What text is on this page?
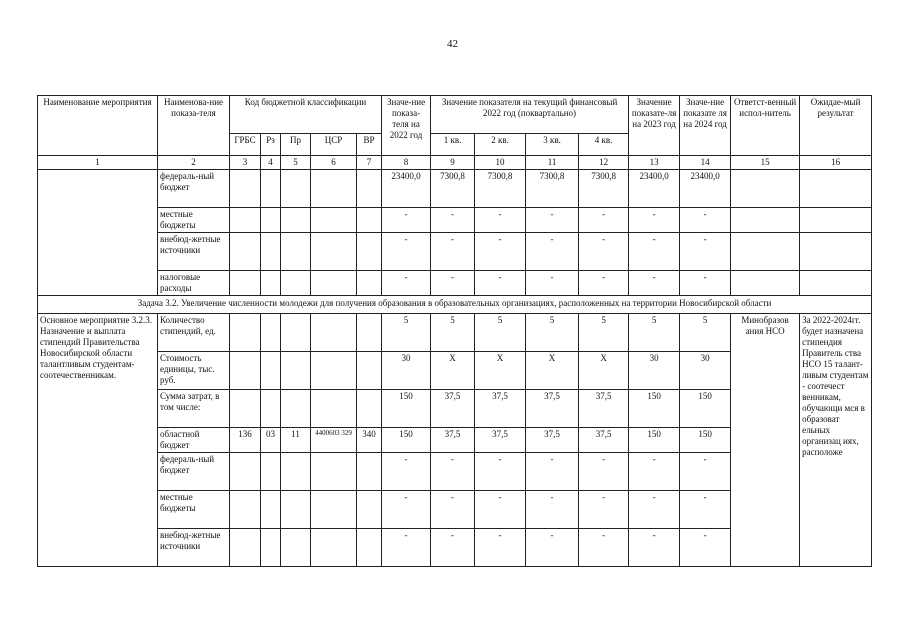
42
Наименование мероприятия	Наименова-ние показа-теля	Код бюджетной классификации					Значе-ние показа-теля на 2022 год	Значение показателя на текущий финансовый 2022 год (поквартально)				Значение показате-ля на 2023 год	Значе-ние показате ля на 2024 год	Ответст-венный испол-нитель	Ожидае-мый результат
		ГРБС	Рз	Пр	ЦСР	ВР		1 кв.	2 кв.	3 кв.	4 кв.				
1	2	3	4	5	6	7	8	9	10	11	12	13	14	15	16
	федераль-ный бюджет						23400,0	7300,8	7300,8	7300,8	7300,8	23400,0	23400,0		
	местные бюджеты						-	-	-	-	-	-	-		
	внебюд-жетные источники						-	-	-	-	-	-	-		
	налоговые расходы						-	-	-	-	-	-	-		
Задача 3.2. Увеличение численности молодежи для получения образования в образовательных организациях, расположенных на территории Новосибирской области															
Основное мероприятие 3.2.3. Назначение и выплата стипендий Правительства Новосибирской области талантливым студентам-соотечественникам.	Количество стипендий, ед.						5	5	5	5	5	5	5	Минобразов ания НСО	За 2022-2024гг. будет назначена стипендия Правитель ства НСО 15 талант-ливым студентам - соотечест венникам, обучающи мся в образоват ельных организац иях, расположе
	Стоимость единицы, тыс. руб.						30	X	X	X	X	30	30		
	Сумма затрат, в том числе:						150	37,5	37,5	37,5	37,5	150	150		
	областной бюджет	136	03	11	4400603 329	340	150	37,5	37,5	37,5	37,5	150	150		
	федераль-ный бюджет						-	-	-	-	-	-	-		
	местные бюджеты						-	-	-	-	-	-	-		
	внебюд-жетные источники						-	-	-	-	-	-	-		
